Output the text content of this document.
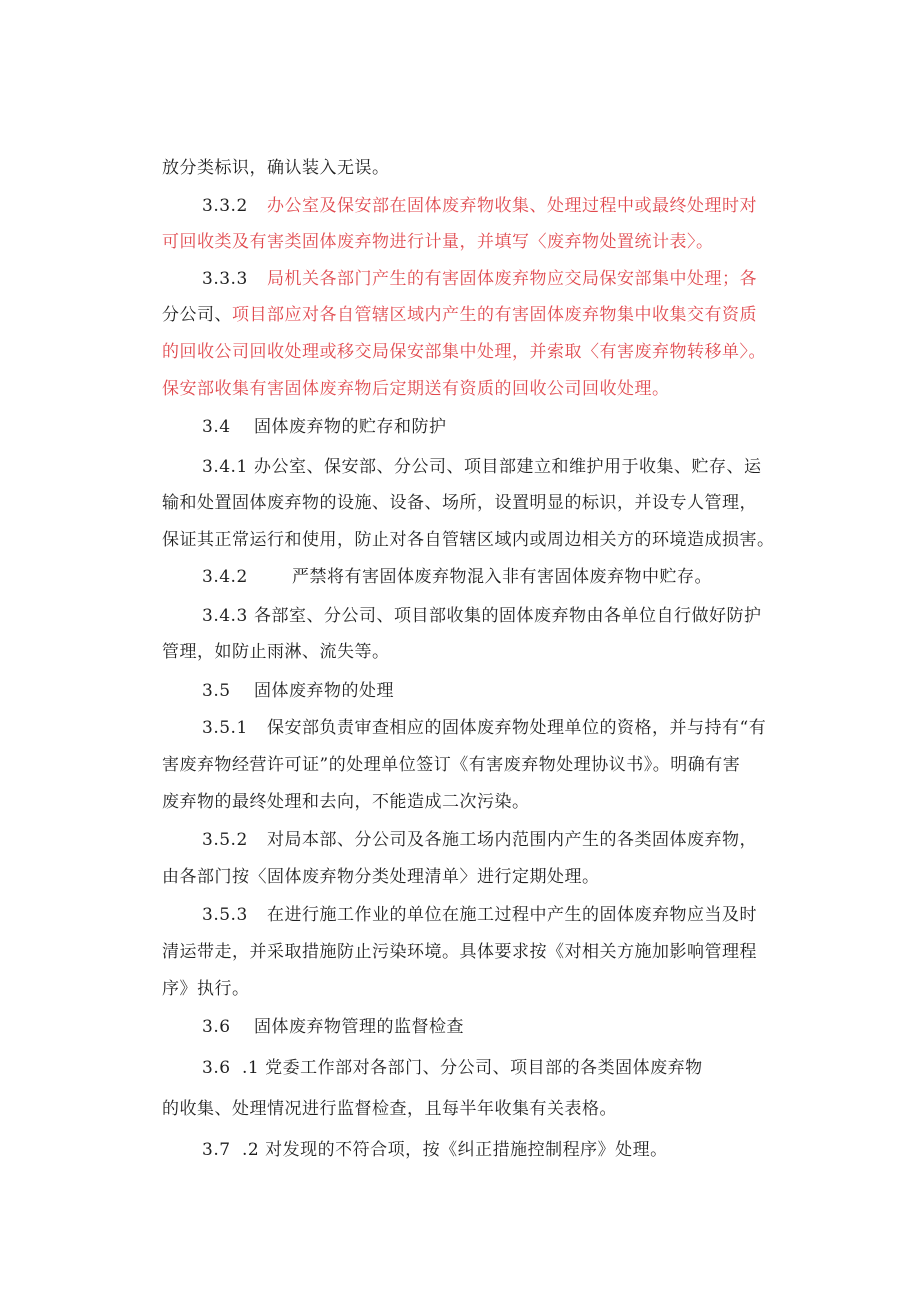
放分类标识，确认装入无误。
3.3.2 办公室及保安部在固体废弃物收集、处理过程中或最终处理时对
可回收类及有害类固体废弃物进行计量，并填写〈废弃物处置统计表〉。
3.3.3 局机关各部门产生的有害固体废弃物应交局保安部集中处理；各
分公司、项目部应对各自管辖区域内产生的有害固体废弃物集中收集交有资质
的回收公司回收处理或移交局保安部集中处理，并索取〈有害废弃物转移单〉。
保安部收集有害固体废弃物后定期送有资质的回收公司回收处理。
3.4 固体废弃物的贮存和防护
3.4.1 办公室、保安部、分公司、项目部建立和维护用于收集、贮存、运
输和处置固体废弃物的设施、设备、场所，设置明显的标识，并设专人管理，
保证其正常运行和使用，防止对各自管辖区域内或周边相关方的环境造成损害。
3.4.2	严禁将有害固体废弃物混入非有害固体废弃物中贮存。
3.4.3 各部室、分公司、项目部收集的固体废弃物由各单位自行做好防护
管理，如防止雨淋、流失等。
3.5 固体废弃物的处理
3.5.1 保安部负责审查相应的固体废弃物处理单位的资格，并与持有“有
害废弃物经营许可证”的处理单位签订《有害废弃物处理协议书》。明确有害
废弃物的最终处理和去向，不能造成二次污染。
3.5.2 对局本部、分公司及各施工场内范围内产生的各类固体废弃物，
由各部门按〈固体废弃物分类处理清单〉进行定期处理。
3.5.3 在进行施工作业的单位在施工过程中产生的固体废弃物应当及时
清运带走，并采取措施防止污染环境。具体要求按《对相关方施加影响管理程
序》执行。
3.6 固体废弃物管理的监督检查
3.6 .1 党委工作部对各部门、分公司、项目部的各类固体废弃物
的收集、处理情况进行监督检查，且每半年收集有关表格。
3.7 .2 对发现的不符合项，按《纠正措施控制程序》处理。
